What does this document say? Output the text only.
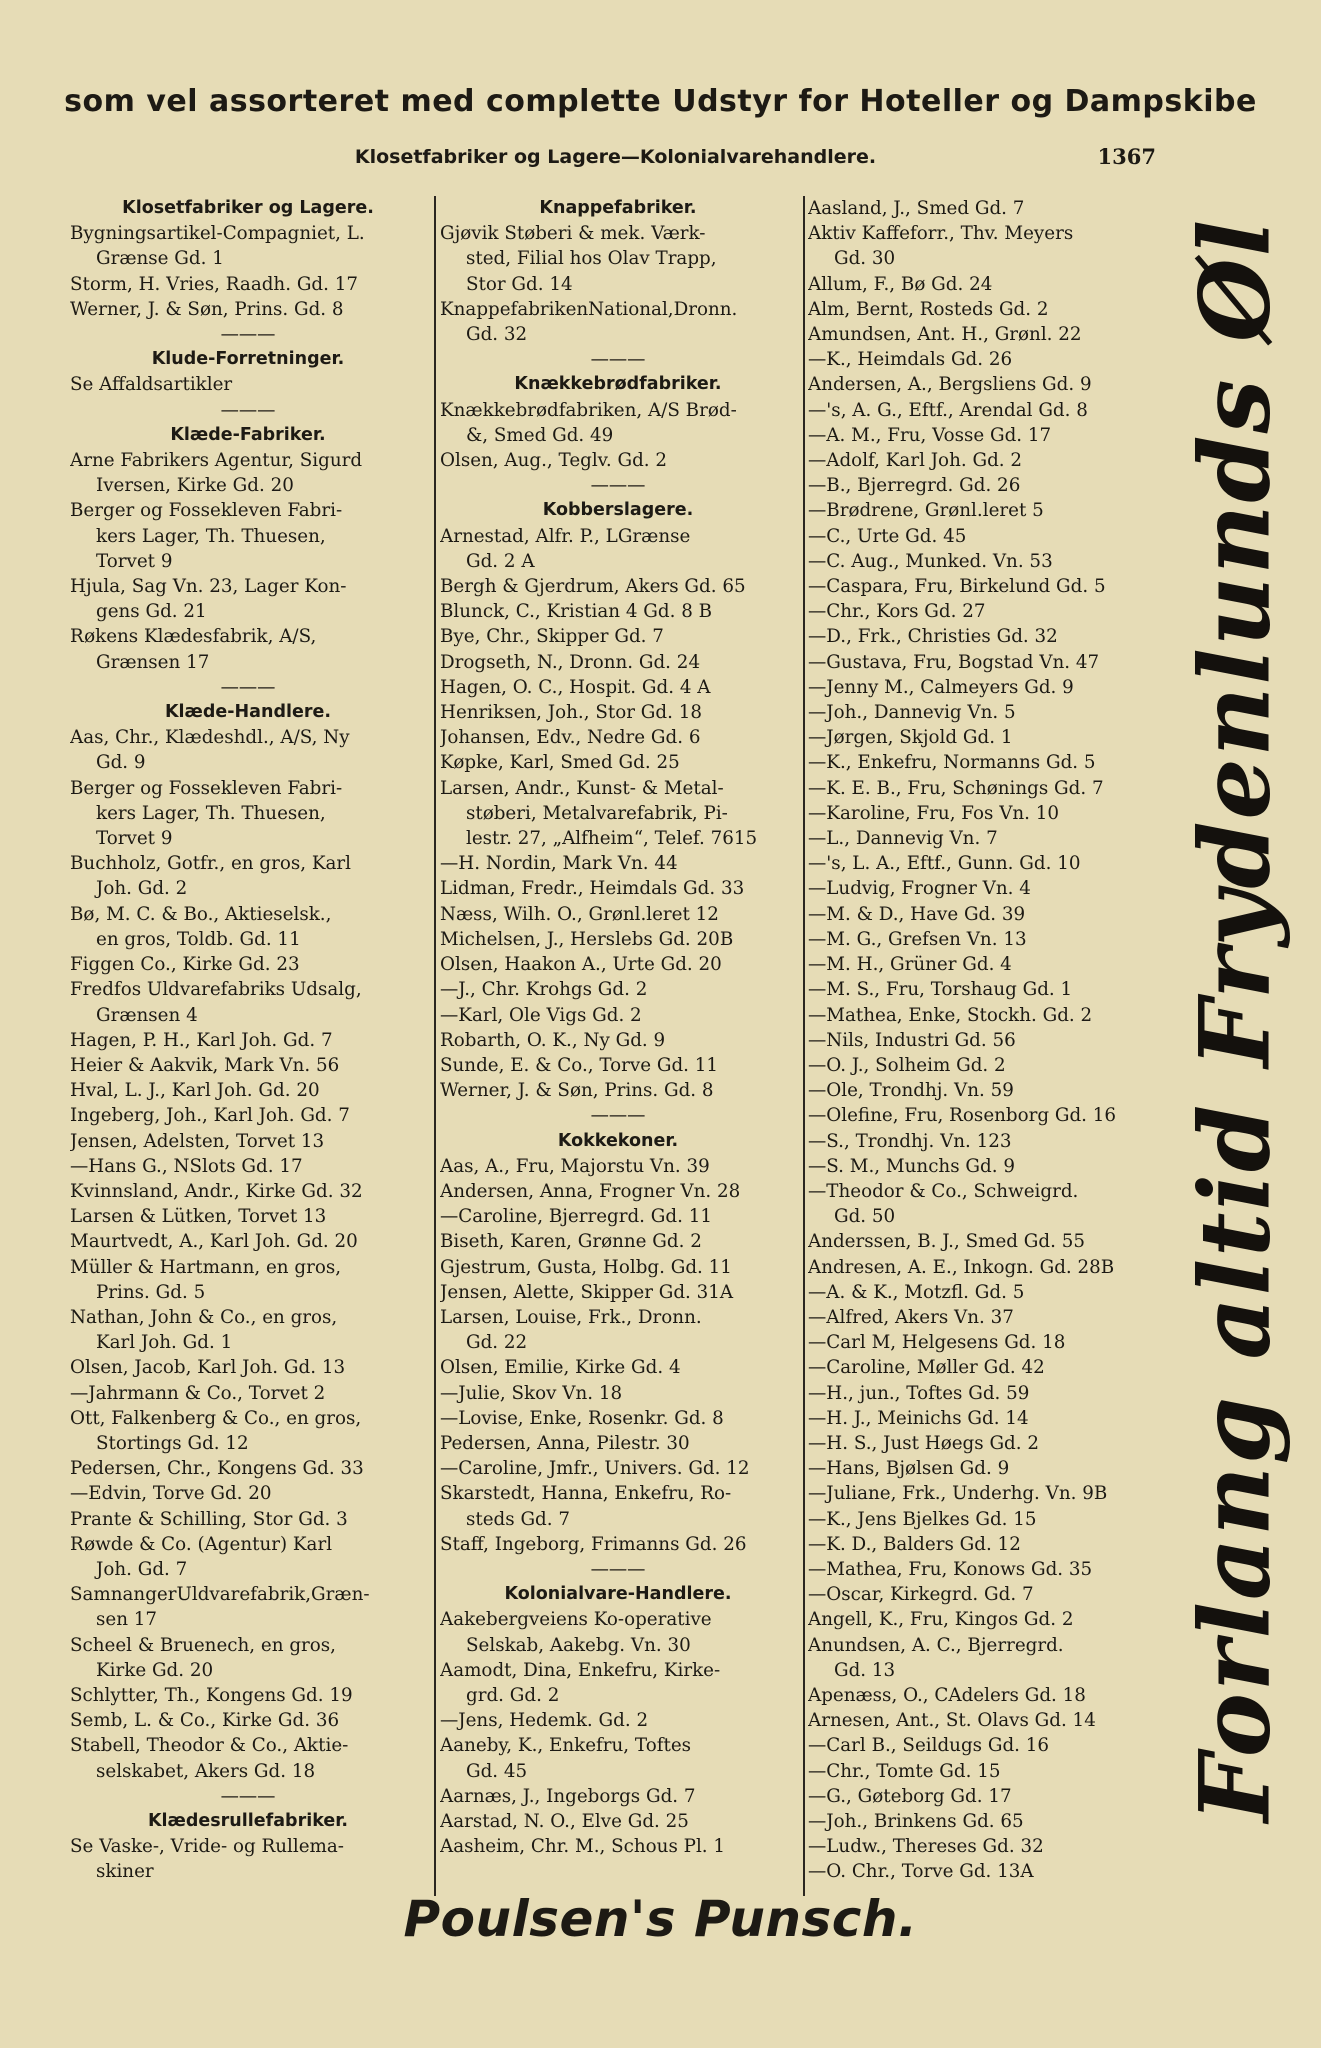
som vel assorteret med complette Udstyr for Hoteller og Dampskibe
Klosetfabriker og Lagere—Kolonialvarehandlere.	1367
Klosetfabriker og Lagere.
Bygningsartikel-Compagniet, L.
Grænse Gd. 1
Storm, H. Vries, Raadh. Gd. 17
Werner, J. & Søn, Prins. Gd. 8
———
Klude-Forretninger.
Se Affaldsartikler
———
Klæde-Fabriker.
Arne Fabrikers Agentur, Sigurd
Iversen, Kirke Gd. 20
Berger og Fossekleven Fabri-
kers Lager, Th. Thuesen,
Torvet 9
Hjula, Sag Vn. 23, Lager Kon-
gens Gd. 21
Røkens Klædesfabrik, A/S,
Grænsen 17
———
Klæde-Handlere.
Aas, Chr., Klædeshdl., A/S, Ny
Gd. 9
Berger og Fossekleven Fabri-
kers Lager, Th. Thuesen,
Torvet 9
Buchholz, Gotfr., en gros, Karl
Joh. Gd. 2
Bø, M. C. & Bo., Aktieselsk.,
en gros, Toldb. Gd. 11
Figgen Co., Kirke Gd. 23
Fredfos Uldvarefabriks Udsalg,
Grænsen 4
Hagen, P. H., Karl Joh. Gd. 7
Heier & Aakvik, Mark Vn. 56
Hval, L. J., Karl Joh. Gd. 20
Ingeberg, Joh., Karl Joh. Gd. 7
Jensen, Adelsten, Torvet 13
—Hans G., NSlots Gd. 17
Kvinnsland, Andr., Kirke Gd. 32
Larsen & Lütken, Torvet 13
Maurtvedt, A., Karl Joh. Gd. 20
Müller & Hartmann, en gros,
Prins. Gd. 5
Nathan, John & Co., en gros,
Karl Joh. Gd. 1
Olsen, Jacob, Karl Joh. Gd. 13
—Jahrmann & Co., Torvet 2
Ott, Falkenberg & Co., en gros,
Stortings Gd. 12
Pedersen, Chr., Kongens Gd. 33
—Edvin, Torve Gd. 20
Prante & Schilling, Stor Gd. 3
Røwde & Co. (Agentur) Karl
Joh. Gd. 7
SamnangerUldvarefabrik,Græn-
sen 17
Scheel & Bruenech, en gros,
Kirke Gd. 20
Schlytter, Th., Kongens Gd. 19
Semb, L. & Co., Kirke Gd. 36
Stabell, Theodor & Co., Aktie-
selskabet, Akers Gd. 18
———
Klædesrullefabriker.
Se Vaske-, Vride- og Rullema-
skiner
Knappefabriker.
Gjøvik Støberi & mek. Værk-
sted, Filial hos Olav Trapp,
Stor Gd. 14
KnappefabrikenNational,Dronn.
Gd. 32
———
Knækkebrødfabriker.
Knækkebrødfabriken, A/S Brød-
&, Smed Gd. 49
Olsen, Aug., Teglv. Gd. 2
———
Kobberslagere.
Arnestad, Alfr. P., LGrænse
Gd. 2 A
Bergh & Gjerdrum, Akers Gd. 65
Blunck, C., Kristian 4 Gd. 8 B
Bye, Chr., Skipper Gd. 7
Drogseth, N., Dronn. Gd. 24
Hagen, O. C., Hospit. Gd. 4 A
Henriksen, Joh., Stor Gd. 18
Johansen, Edv., Nedre Gd. 6
Køpke, Karl, Smed Gd. 25
Larsen, Andr., Kunst- & Metal-
støberi, Metalvarefabrik, Pi-
lestr. 27, „Alfheim“, Telef. 7615
—H. Nordin, Mark Vn. 44
Lidman, Fredr., Heimdals Gd. 33
Næss, Wilh. O., Grønl.leret 12
Michelsen, J., Herslebs Gd. 20B
Olsen, Haakon A., Urte Gd. 20
—J., Chr. Krohgs Gd. 2
—Karl, Ole Vigs Gd. 2
Robarth, O. K., Ny Gd. 9
Sunde, E. & Co., Torve Gd. 11
Werner, J. & Søn, Prins. Gd. 8
———
Kokkekoner.
Aas, A., Fru, Majorstu Vn. 39
Andersen, Anna, Frogner Vn. 28
—Caroline, Bjerregrd. Gd. 11
Biseth, Karen, Grønne Gd. 2
Gjestrum, Gusta, Holbg. Gd. 11
Jensen, Alette, Skipper Gd. 31A
Larsen, Louise, Frk., Dronn.
Gd. 22
Olsen, Emilie, Kirke Gd. 4
—Julie, Skov Vn. 18
—Lovise, Enke, Rosenkr. Gd. 8
Pedersen, Anna, Pilestr. 30
—Caroline, Jmfr., Univers. Gd. 12
Skarstedt, Hanna, Enkefru, Ro-
steds Gd. 7
Staff, Ingeborg, Frimanns Gd. 26
———
Kolonialvare-Handlere.
Aakebergveiens Ko-operative
Selskab, Aakebg. Vn. 30
Aamodt, Dina, Enkefru, Kirke-
grd. Gd. 2
—Jens, Hedemk. Gd. 2
Aaneby, K., Enkefru, Toftes
Gd. 45
Aarnæs, J., Ingeborgs Gd. 7
Aarstad, N. O., Elve Gd. 25
Aasheim, Chr. M., Schous Pl. 1
Aasland, J., Smed Gd. 7
Aktiv Kaffeforr., Thv. Meyers
Gd. 30
Allum, F., Bø Gd. 24
Alm, Bernt, Rosteds Gd. 2
Amundsen, Ant. H., Grønl. 22
—K., Heimdals Gd. 26
Andersen, A., Bergsliens Gd. 9
—'s, A. G., Eftf., Arendal Gd. 8
—A. M., Fru, Vosse Gd. 17
—Adolf, Karl Joh. Gd. 2
—B., Bjerregrd. Gd. 26
—Brødrene, Grønl.leret 5
—C., Urte Gd. 45
—C. Aug., Munked. Vn. 53
—Caspara, Fru, Birkelund Gd. 5
—Chr., Kors Gd. 27
—D., Frk., Christies Gd. 32
—Gustava, Fru, Bogstad Vn. 47
—Jenny M., Calmeyers Gd. 9
—Joh., Dannevig Vn. 5
—Jørgen, Skjold Gd. 1
—K., Enkefru, Normanns Gd. 5
—K. E. B., Fru, Schønings Gd. 7
—Karoline, Fru, Fos Vn. 10
—L., Dannevig Vn. 7
—'s, L. A., Eftf., Gunn. Gd. 10
—Ludvig, Frogner Vn. 4
—M. & D., Have Gd. 39
—M. G., Grefsen Vn. 13
—M. H., Grüner Gd. 4
—M. S., Fru, Torshaug Gd. 1
—Mathea, Enke, Stockh. Gd. 2
—Nils, Industri Gd. 56
—O. J., Solheim Gd. 2
—Ole, Trondhj. Vn. 59
—Olefine, Fru, Rosenborg Gd. 16
—S., Trondhj. Vn. 123
—S. M., Munchs Gd. 9
—Theodor & Co., Schweigrd.
Gd. 50
Anderssen, B. J., Smed Gd. 55
Andresen, A. E., Inkogn. Gd. 28B
—A. & K., Motzfl. Gd. 5
—Alfred, Akers Vn. 37
—Carl M, Helgesens Gd. 18
—Caroline, Møller Gd. 42
—H., jun., Toftes Gd. 59
—H. J., Meinichs Gd. 14
—H. S., Just Høegs Gd. 2
—Hans, Bjølsen Gd. 9
—Juliane, Frk., Underhg. Vn. 9B
—K., Jens Bjelkes Gd. 15
—K. D., Balders Gd. 12
—Mathea, Fru, Konows Gd. 35
—Oscar, Kirkegrd. Gd. 7
Angell, K., Fru, Kingos Gd. 2
Anundsen, A. C., Bjerregrd.
Gd. 13
Apenæss, O., CAdelers Gd. 18
Arnesen, Ant., St. Olavs Gd. 14
—Carl B., Seildugs Gd. 16
—Chr., Tomte Gd. 15
—G., Gøteborg Gd. 17
—Joh., Brinkens Gd. 65
—Ludw., Thereses Gd. 32
—O. Chr., Torve Gd. 13A
Forlang altid Frydenlunds Øl
Poulsen's Punsch.
